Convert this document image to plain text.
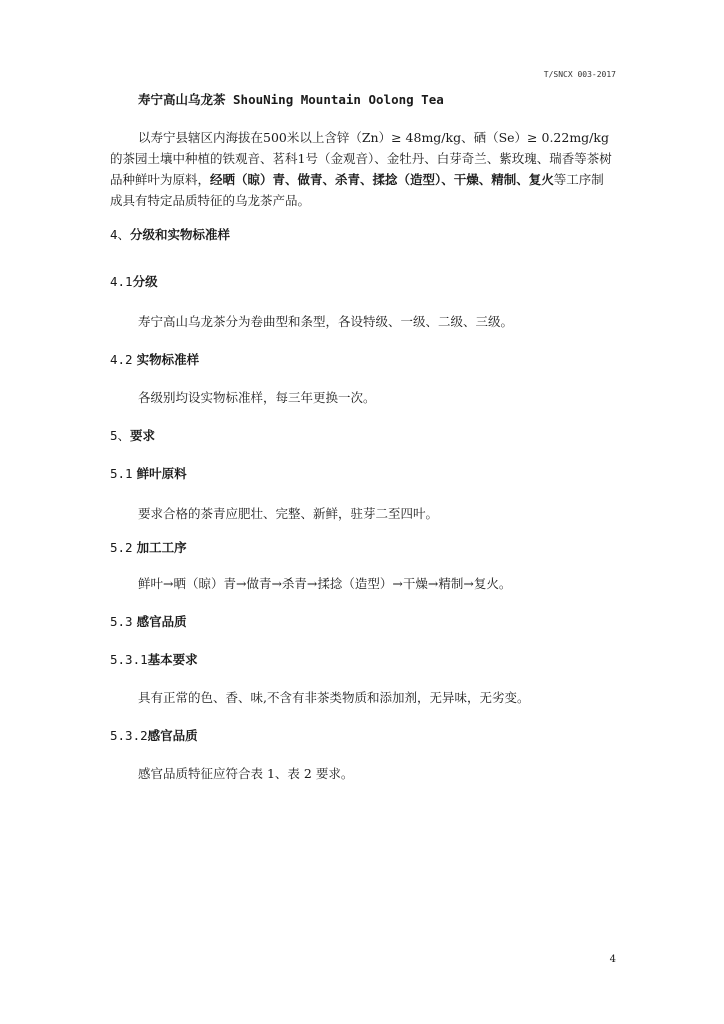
T/SNCX 003-2017
寿宁高山乌龙茶 ShouNing Mountain Oolong Tea
以寿宁县辖区内海拔在500米以上含锌（Zn）≥ 48mg/kg、硒（Se）≥ 0.22mg/kg的茶园土壤中种植的铁观音、茗科1号（金观音）、金牡丹、白芽奇兰、紫玫瑰、瑞香等茶树品种鲜叶为原料，经晒（晾）青、做青、杀青、揉捻（造型）、干燥、精制、复火等工序制成具有特定品质特征的乌龙茶产品。
4、分级和实物标准样
4.1分级
寿宁高山乌龙茶分为卷曲型和条型，各设特级、一级、二级、三级。
4.2 实物标准样
各级别均设实物标准样，每三年更换一次。
5、要求
5.1 鲜叶原料
要求合格的茶青应肥壮、完整、新鲜，驻芽二至四叶。
5.2 加工工序
鲜叶→晒（晾）青→做青→杀青→揉捻（造型）→干燥→精制→复火。
5.3 感官品质
5.3.1基本要求
具有正常的色、香、味,不含有非茶类物质和添加剂，无异味，无劣变。
5.3.2感官品质
感官品质特征应符合表 1、表 2 要求。
4
